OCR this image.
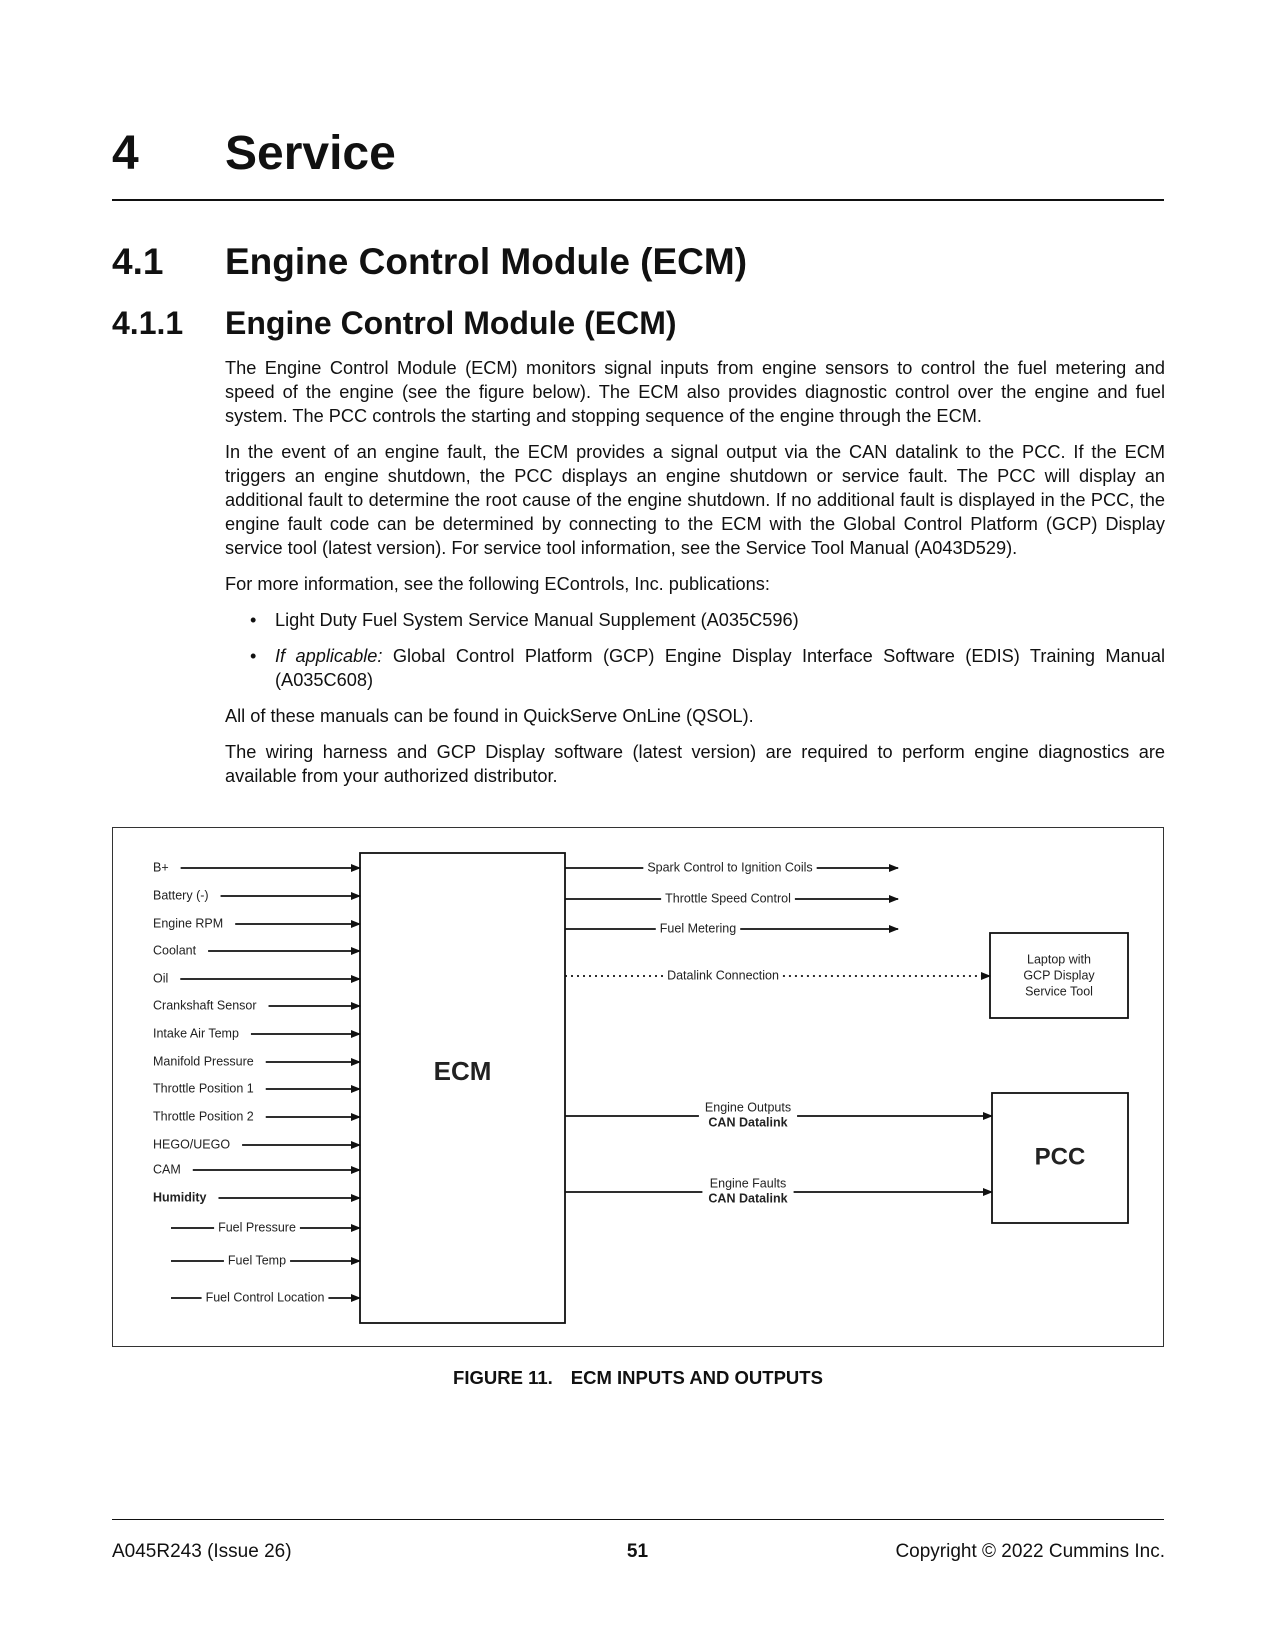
4 Service
4.1 Engine Control Module (ECM)
4.1.1 Engine Control Module (ECM)

The Engine Control Module (ECM) monitors signal inputs from engine sensors to control the fuel metering and speed of the engine (see the figure below). The ECM also provides diagnostic control over the engine and fuel system. The PCC controls the starting and stopping sequence of the engine through the ECM.

In the event of an engine fault, the ECM provides a signal output via the CAN datalink to the PCC. If the ECM triggers an engine shutdown, the PCC displays an engine shutdown or service fault. The PCC will display an additional fault to determine the root cause of the engine shutdown. If no additional fault is displayed in the PCC, the engine fault code can be determined by connecting to the ECM with the Global Control Platform (GCP) Display service tool (latest version). For service tool information, see the Service Tool Manual (A043D529).

For more information, see the following EControls, Inc. publications:

• Light Duty Fuel System Service Manual Supplement (A035C596)
• If applicable: Global Control Platform (GCP) Engine Display Interface Software (EDIS) Training Manual (A035C608)

All of these manuals can be found in QuickServe OnLine (QSOL).

The wiring harness and GCP Display software (latest version) are required to perform engine diagnostics are available from your authorized distributor.

ECM
B+
Battery (-)
Engine RPM
Coolant
Oil
Crankshaft Sensor
Intake Air Temp
Manifold Pressure
Throttle Position 1
Throttle Position 2
HEGO/UEGO
CAM
Humidity
Fuel Pressure
Fuel Temp
Fuel Control Location
Spark Control to Ignition Coils
Throttle Speed Control
Fuel Metering
Laptop with
GCP Display
Service Tool
Datalink Connection
PCC
Engine Outputs
CAN Datalink
Engine Faults
CAN Datalink
FIGURE 11. ECM INPUTS AND OUTPUTS
A045R243 (Issue 26)	51	Copyright © 2022 Cummins Inc.
